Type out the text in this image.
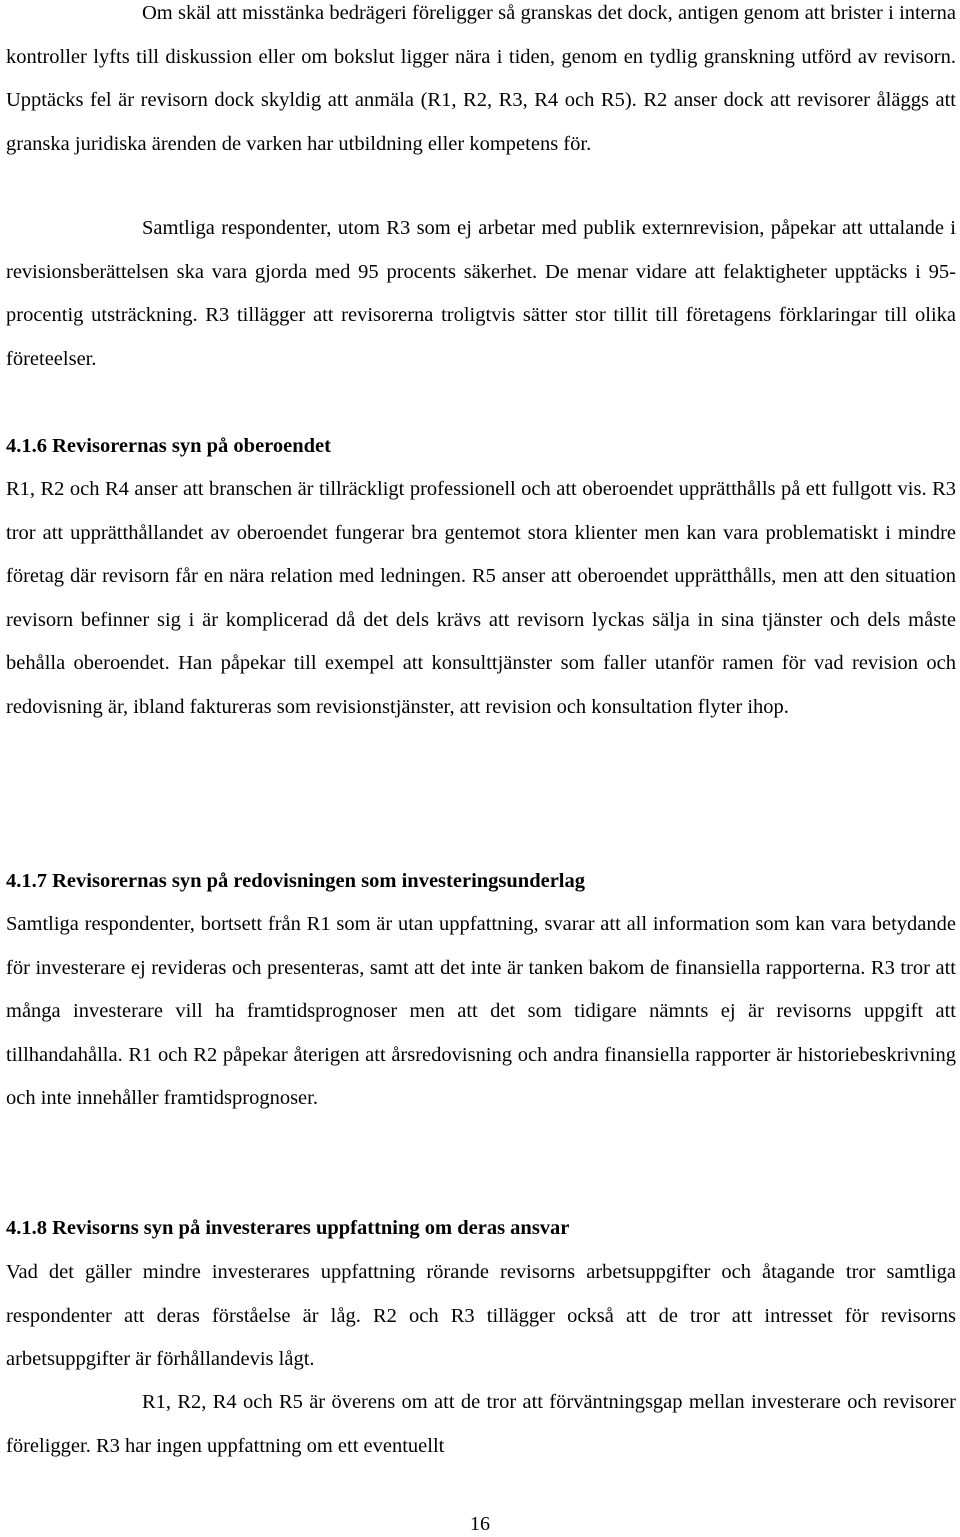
Om skäl att misstänka bedrägeri föreligger så granskas det dock, antigen genom att brister i interna kontroller lyfts till diskussion eller om bokslut ligger nära i tiden, genom en tydlig granskning utförd av revisorn. Upptäcks fel är revisorn dock skyldig att anmäla (R1, R2, R3, R4 och R5). R2 anser dock att revisorer åläggs att granska juridiska ärenden de varken har utbildning eller kompetens för.

Samtliga respondenter, utom R3 som ej arbetar med publik externrevision, påpekar att uttalande i revisionsberättelsen ska vara gjorda med 95 procents säkerhet. De menar vidare att felaktigheter upptäcks i 95-procentig utsträckning. R3 tillägger att revisorerna troligtvis sätter stor tillit till företagens förklaringar till olika företeelser.

4.1.6 Revisorernas syn på oberoendet

R1, R2 och R4 anser att branschen är tillräckligt professionell och att oberoendet upprätthålls på ett fullgott vis. R3 tror att upprätthållandet av oberoendet fungerar bra gentemot stora klienter men kan vara problematiskt i mindre företag där revisorn får en nära relation med ledningen. R5 anser att oberoendet upprätthålls, men att den situation revisorn befinner sig i är komplicerad då det dels krävs att revisorn lyckas sälja in sina tjänster och dels måste behålla oberoendet. Han påpekar till exempel att konsulttjänster som faller utanför ramen för vad revision och redovisning är, ibland faktureras som revisionstjänster, att revision och konsultation flyter ihop.

4.1.7 Revisorernas syn på redovisningen som investeringsunderlag

Samtliga respondenter, bortsett från R1 som är utan uppfattning, svarar att all information som kan vara betydande för investerare ej revideras och presenteras, samt att det inte är tanken bakom de finansiella rapporterna. R3 tror att många investerare vill ha framtidsprognoser men att det som tidigare nämnts ej är revisorns uppgift att tillhandahålla. R1 och R2 påpekar återigen att årsredovisning och andra finansiella rapporter är historiebeskrivning och inte innehåller framtidsprognoser.

4.1.8 Revisorns syn på investerares uppfattning om deras ansvar

Vad det gäller mindre investerares uppfattning rörande revisorns arbetsuppgifter och åtagande tror samtliga respondenter att deras förståelse är låg. R2 och R3 tillägger också att de tror att intresset för revisorns arbetsuppgifter är förhållandevis lågt.

R1, R2, R4 och R5 är överens om att de tror att förväntningsgap mellan investerare och revisorer föreligger. R3 har ingen uppfattning om ett eventuellt

16
